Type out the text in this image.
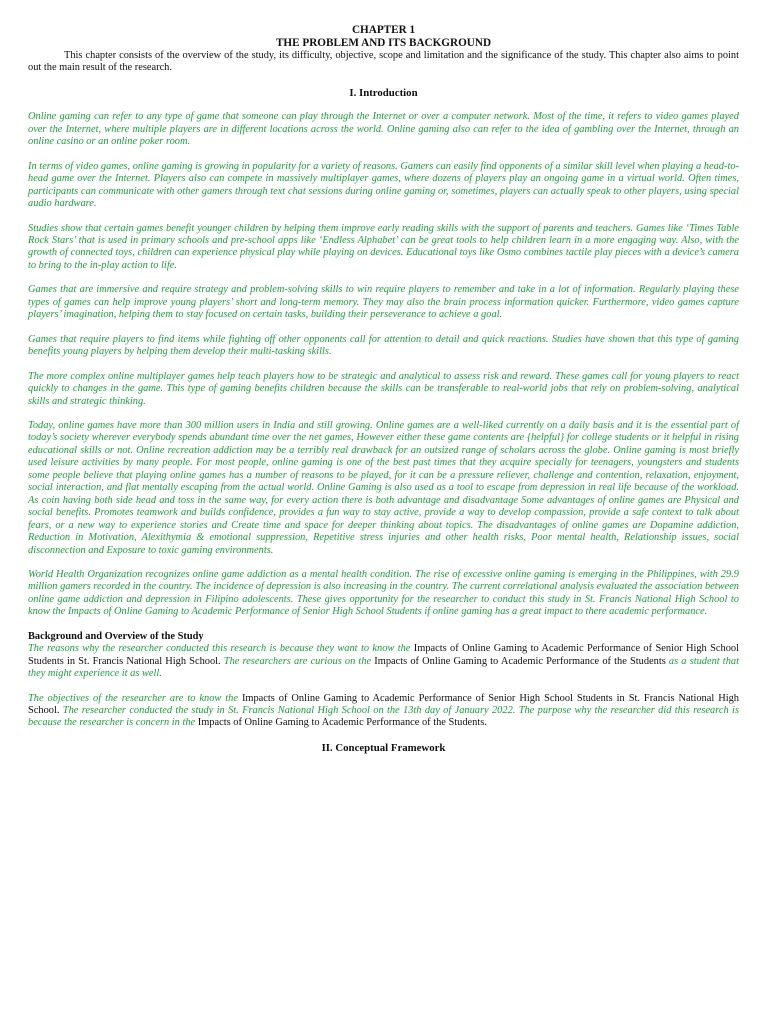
CHAPTER 1

THE PROBLEM AND ITS BACKGROUND

This chapter consists of the overview of the study, its difficulty, objective, scope and limitation and the significance of the study. This chapter also aims to point out the main result of the research.

I. Introduction

Online gaming can refer to any type of game that someone can play through the Internet or over a computer network. Most of the time, it refers to video games played over the Internet, where multiple players are in different locations across the world. Online gaming also can refer to the idea of gambling over the Internet, through an online casino or an online poker room.

In terms of video games, online gaming is growing in popularity for a variety of reasons. Gamers can easily find opponents of a similar skill level when playing a head-to-head game over the Internet. Players also can compete in massively multiplayer games, where dozens of players play an ongoing game in a virtual world. Often times, participants can communicate with other gamers through text chat sessions during online gaming or, sometimes, players can actually speak to other players, using special audio hardware.

Studies show that certain games benefit younger children by helping them improve early reading skills with the support of parents and teachers. Games like ‘Times Table Rock Stars’ that is used in primary schools and pre-school apps like ‘Endless Alphabet’ can be great tools to help children learn in a more engaging way. Also, with the growth of connected toys, children can experience physical play while playing on devices. Educational toys like Osmo combines tactile play pieces with a device’s camera to bring to the in-play action to life.

Games that are immersive and require strategy and problem-solving skills to win require players to remember and take in a lot of information. Regularly playing these types of games can help improve young players’ short and long-term memory. They may also the brain process information quicker. Furthermore, video games capture players’ imagination, helping them to stay focused on certain tasks, building their perseverance to achieve a goal.

Games that require players to find items while fighting off other opponents call for attention to detail and quick reactions. Studies have shown that this type of gaming benefits young players by helping them develop their multi-tasking skills.

The more complex online multiplayer games help teach players how to be strategic and analytical to assess risk and reward. These games call for young players to react quickly to changes in the game. This type of gaming benefits children because the skills can be transferable to real-world jobs that rely on problem-solving, analytical skills and strategic thinking.

Today, online games have more than 300 million users in India and still growing. Online games are a well-liked currently on a daily basis and it is the essential part of today’s society wherever everybody spends abundant time over the net games, However either these game contents are {helpful} for college students or it helpful in rising educational skills or not. Online recreation addiction may be a terribly real drawback for an outsized range of scholars across the globe. Online gaming is most briefly used leisure activities by many people. For most people, online gaming is one of the best past times that they acquire specially for teenagers, youngsters and students some people believe that playing online games has a number of reasons to be played, for it can be a pressure reliever, challenge and contention, relaxation, enjoyment, social interaction, and flat mentally escaping from the actual world. Online Gaming is also used as a tool to escape from depression in real life because of the workload. As coin having both side head and toss in the same way, for every action there is both advantage and disadvantage Some advantages of online games are Physical and social benefits. Promotes teamwork and builds confidence, provides a fun way to stay active, provide a way to develop compassion, provide a safe context to talk about fears, or a new way to experience stories and Create time and space for deeper thinking about topics. The disadvantages of online games are Dopamine addiction, Reduction in Motivation, Alexithymia & emotional suppression, Repetitive stress injuries and other health risks, Poor mental health, Relationship issues, social disconnection and Exposure to toxic gaming environments.

World Health Organization recognizes online game addiction as a mental health condition. The rise of excessive online gaming is emerging in the Philippines, with 29.9 million gamers recorded in the country. The incidence of depression is also increasing in the country. The current correlational analysis evaluated the association between online game addiction and depression in Filipino adolescents. These gives opportunity for the researcher to conduct this study in St. Francis National High School to know the Impacts of Online Gaming to Academic Performance of Senior High School Students if online gaming has a great impact to there academic performance.

Background and Overview of the Study

The reasons why the researcher conducted this research is because they want to know the Impacts of Online Gaming to Academic Performance of Senior High School Students in St. Francis National High School. The researchers are curious on the Impacts of Online Gaming to Academic Performance of the Students as a student that they might experience it as well.

The objectives of the researcher are to know the Impacts of Online Gaming to Academic Performance of Senior High School Students in St. Francis National High School. The researcher conducted the study in St. Francis National High School on the 13th day of January 2022. The purpose why the researcher did this research is because the researcher is concern in the Impacts of Online Gaming to Academic Performance of the Students.

II. Conceptual Framework
